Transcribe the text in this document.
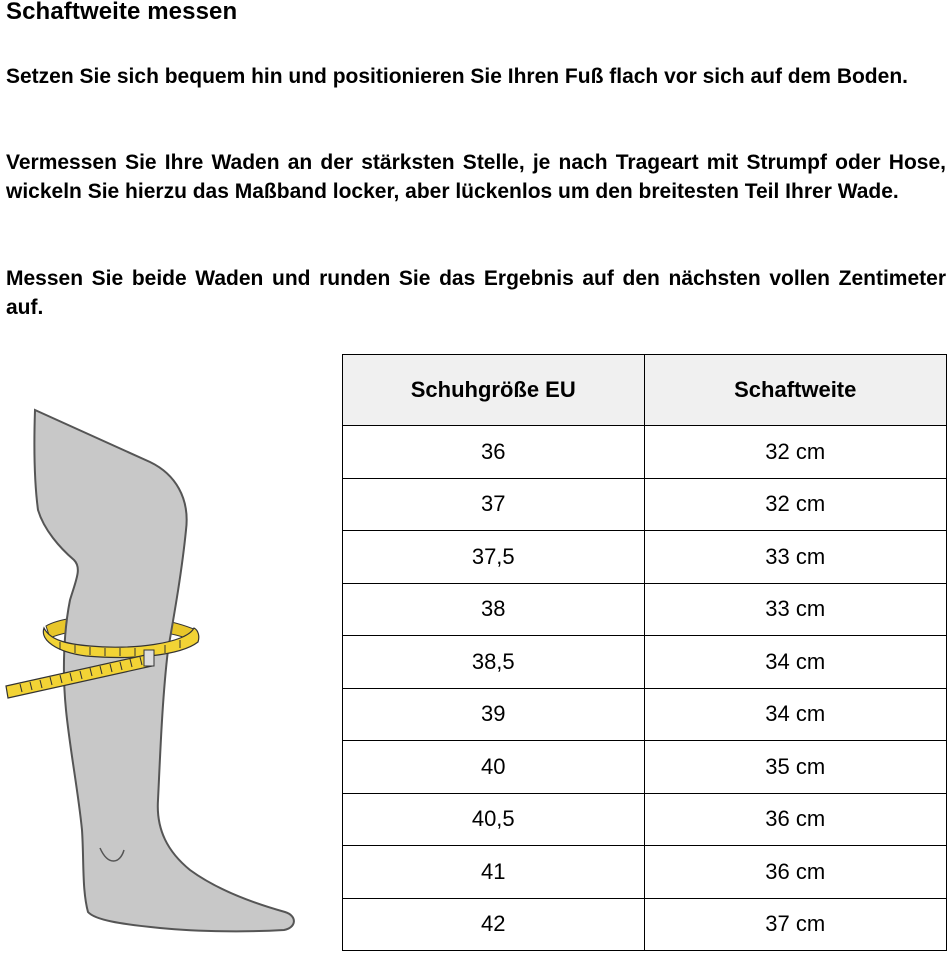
Schaftweite messen

Setzen Sie sich bequem hin und positionieren Sie Ihren Fuß flach vor sich auf dem Boden.

Vermessen Sie Ihre Waden an der stärksten Stelle, je nach Trageart mit Strumpf oder Hose, wickeln Sie hierzu das Maßband locker, aber lückenlos um den breitesten Teil Ihrer Wade.

Messen Sie beide Waden und runden Sie das Ergebnis auf den nächsten vollen Zentimeter auf.

Schuhgröße EU	Schaftweite
36	32 cm
37	32 cm
37,5	33 cm
38	33 cm
38,5	34 cm
39	34 cm
40	35 cm
40,5	36 cm
41	36 cm
42	37 cm
